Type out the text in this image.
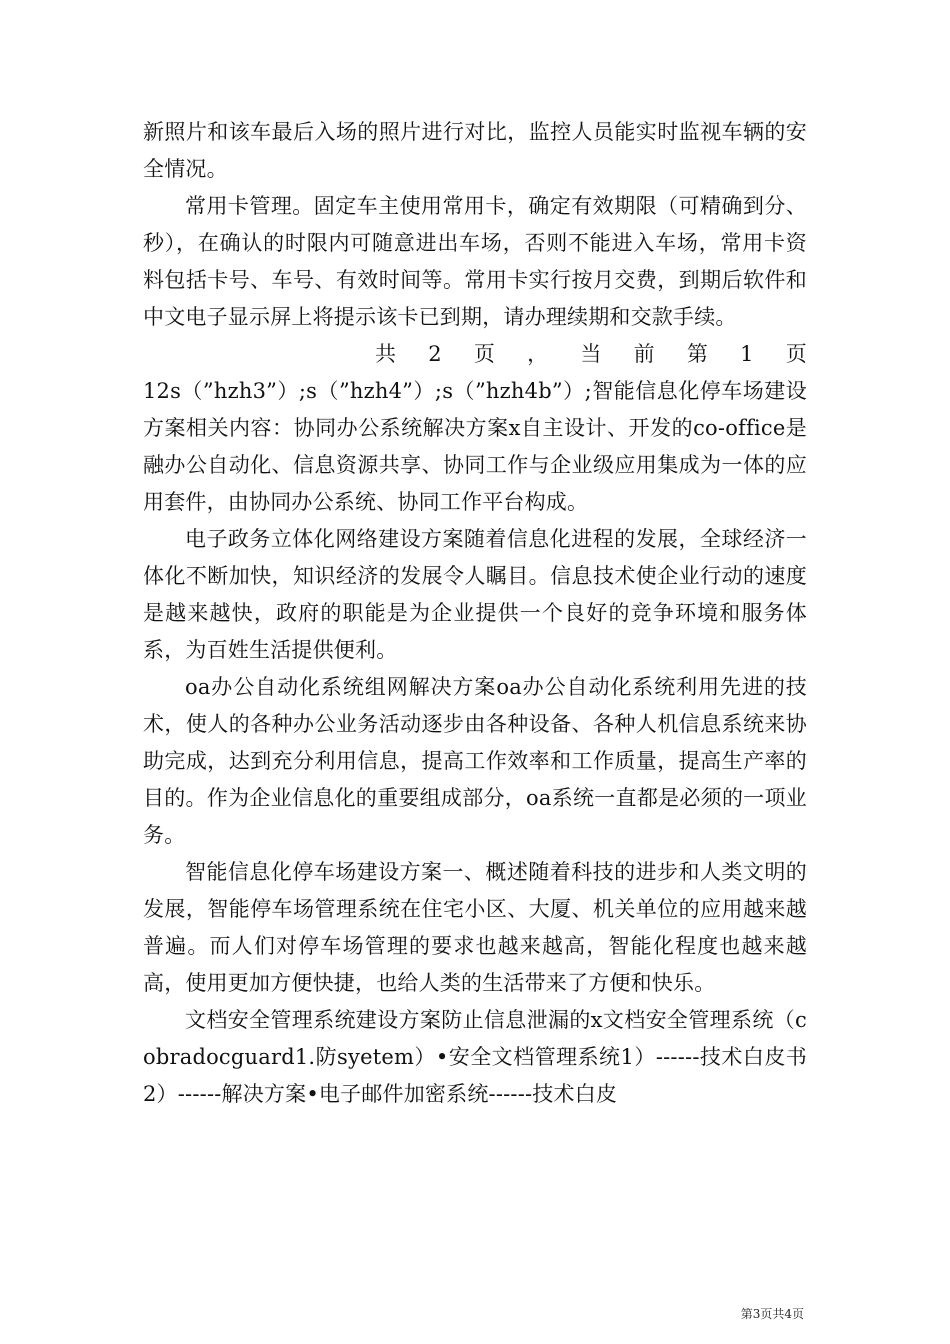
新照片和该车最后入场的照片进行对比，监控人员能实时监视车辆的安全情况。

常用卡管理。固定车主使用常用卡，确定有效期限（可精确到分、秒），在确认的时限内可随意进出车场，否则不能进入车场，常用卡资料包括卡号、车号、有效时间等。常用卡实行按月交费，到期后软件和中文电子显示屏上将提示该卡已到期，请办理续期和交款手续。

共 2 页 ， 当 前 第 1 页

12s（”hzh3”）;s（”hzh4”）;s（”hzh4b”）;智能信息化停车场建设方案相关内容：协同办公系统解决方案x自主设计、开发的co-office是融办公自动化、信息资源共享、协同工作与企业级应用集成为一体的应用套件，由协同办公系统、协同工作平台构成。

电子政务立体化网络建设方案随着信息化进程的发展，全球经济一体化不断加快，知识经济的发展令人瞩目。信息技术使企业行动的速度是越来越快，政府的职能是为企业提供一个良好的竞争环境和服务体系，为百姓生活提供便利。

oa办公自动化系统组网解决方案oa办公自动化系统利用先进的技术，使人的各种办公业务活动逐步由各种设备、各种人机信息系统来协助完成，达到充分利用信息，提高工作效率和工作质量，提高生产率的目的。作为企业信息化的重要组成部分，oa系统一直都是必须的一项业务。

智能信息化停车场建设方案一、概述随着科技的进步和人类文明的发展，智能停车场管理系统在住宅小区、大厦、机关单位的应用越来越普遍。而人们对停车场管理的要求也越来越高，智能化程度也越来越高，使用更加方便快捷，也给人类的生活带来了方便和快乐。

文档安全管理系统建设方案防止信息泄漏的x文档安全管理系统（cobradocguard1.防syetem）•安全文档管理系统1）------技术白皮书2）------解决方案•电子邮件加密系统------技术白皮

第3页共4页
